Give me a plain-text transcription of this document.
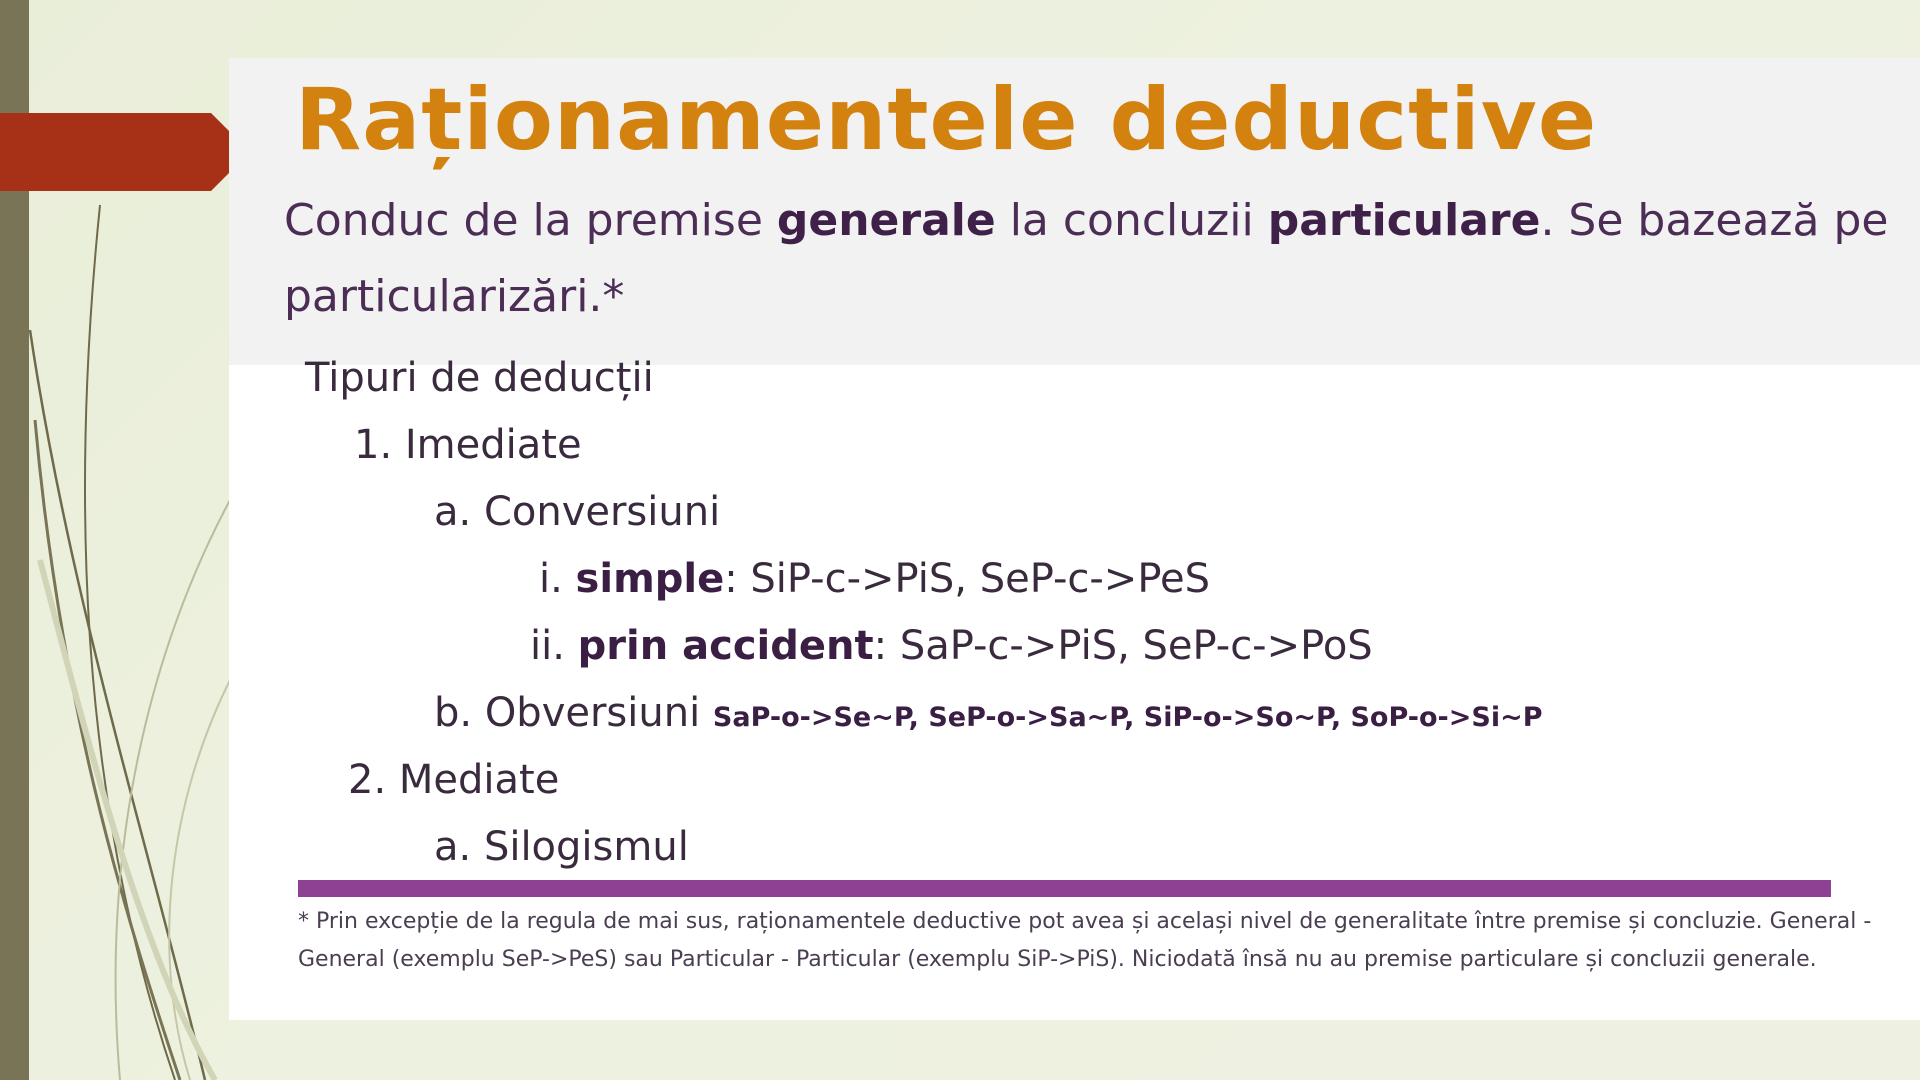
Raționamentele deductive
Conduc de la premise generale la concluzii particulare. Se bazează pe particularizări.*
Tipuri de deducții
1. Imediate
a. Conversiuni
i. simple: SiP-c->PiS, SeP-c->PeS
ii. prin accident: SaP-c->PiS, SeP-c->PoS
b. Obversiuni SaP-o->Se~P, SeP-o->Sa~P, SiP-o->So~P, SoP-o->Si~P
2. Mediate
a. Silogismul
* Prin excepție de la regula de mai sus, raționamentele deductive pot avea și același nivel de generalitate între premise și concluzie. General - General (exemplu SeP->PeS) sau Particular - Particular (exemplu SiP->PiS). Niciodată însă nu au premise particulare și concluzii generale.
